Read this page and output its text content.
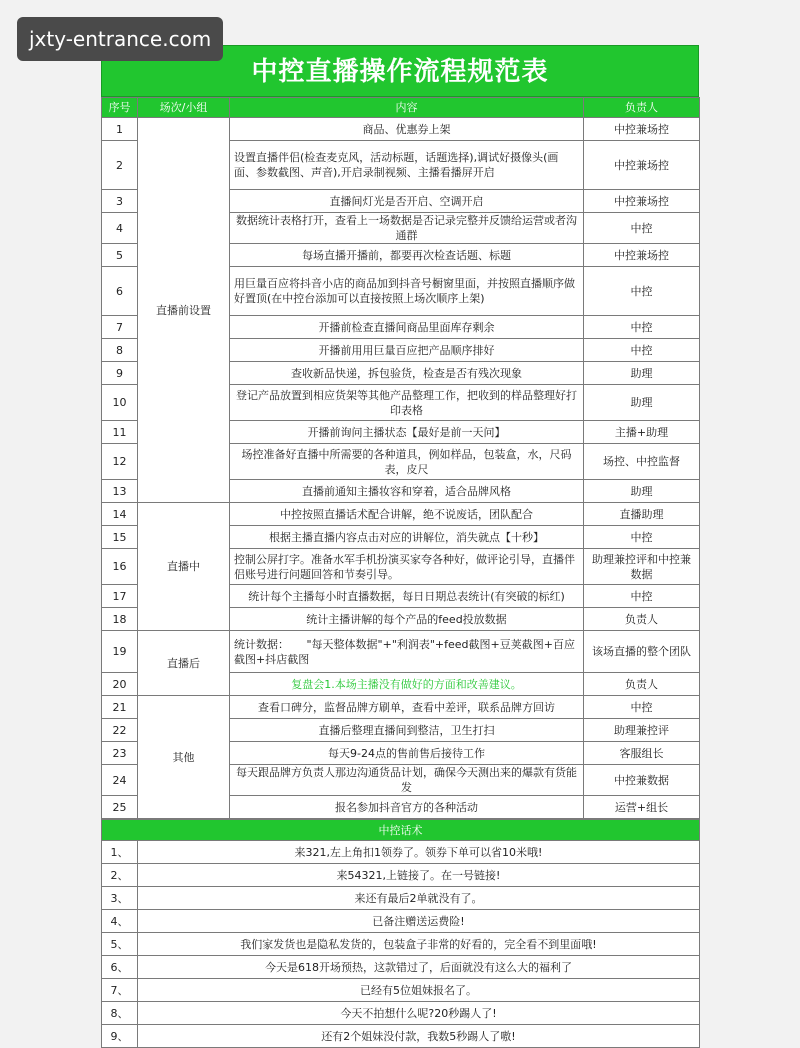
jxty-entrance.com
中控直播操作流程规范表
序号	场次/小组	内容	负责人
1	直播前设置	商品、优惠券上架	中控兼场控
2		设置直播伴侣(检查麦克风，活动标题，话题选择),调试好摄像头(画面、参数截图、声音),开启录制视频、主播看播屏开启	中控兼场控
3		直播间灯光是否开启、空调开启	中控兼场控
4		数据统计表格打开，查看上一场数据是否记录完整并反馈给运营或者沟通群	中控
5		每场直播开播前，都要再次检查话题、标题	中控兼场控
6		用巨量百应将抖音小店的商品加到抖音号橱窗里面，并按照直播顺序做好置顶(在中控台添加可以直接按照上场次顺序上架)	中控
7		开播前检查直播间商品里面库存剩余	中控
8		开播前用用巨量百应把产品顺序排好	中控
9		查收新品快递，拆包验货，检查是否有残次现象	助理
10		登记产品放置到相应货架等其他产品整理工作，把收到的样品整理好打印表格	助理
11		开播前询问主播状态【最好是前一天问】	主播+助理
12		场控准备好直播中所需要的各种道具，例如样品，包装盒，水，尺码表，皮尺	场控、中控监督
13		直播前通知主播妆容和穿着，适合品牌风格	助理
14	直播中	中控按照直播话术配合讲解，绝不说废话，团队配合	直播助理
15		根据主播直播内容点击对应的讲解位，消失就点【十秒】	中控
16		控制公屏打字。准备水军手机扮演买家夸各种好，做评论引导，直播伴侣账号进行问题回答和节奏引导。	助理兼控评和中控兼数据
17		统计每个主播每小时直播数据，每日日期总表统计(有突破的标红)	中控
18		统计主播讲解的每个产品的feed投放数据	负责人
19	直播后	统计数据：     "每天整体数据"+"利润表"+feed截图+豆荚截图+百应截图+抖店截图	该场直播的整个团队
20		复盘会1.本场主播没有做好的方面和改善建议。	负责人
21	其他	查看口碑分，监督品牌方刷单，查看中差评，联系品牌方回访	中控
22		直播后整理直播间到整洁，卫生打扫	助理兼控评
23		每天9-24点的售前售后接待工作	客服组长
24		每天跟品牌方负责人那边沟通货品计划，确保今天测出来的爆款有货能发	中控兼数据
25		报名参加抖音官方的各种活动	运营+组长
中控话术	
1、	来321,左上角扣1领券了。领券下单可以省10米哦!
2、	来54321,上链接了。在一号链接!
3、	来还有最后2单就没有了。
4、	已备注赠送运费险!
5、	我们家发货也是隐私发货的，包装盒子非常的好看的，完全看不到里面哦!
6、	今天是618开场预热，这款错过了，后面就没有这么大的福利了
7、	已经有5位姐妹报名了。
8、	今天不拍想什么呢?20秒踢人了!
9、	还有2个姐妹没付款，我数5秒踢人了嗷!
